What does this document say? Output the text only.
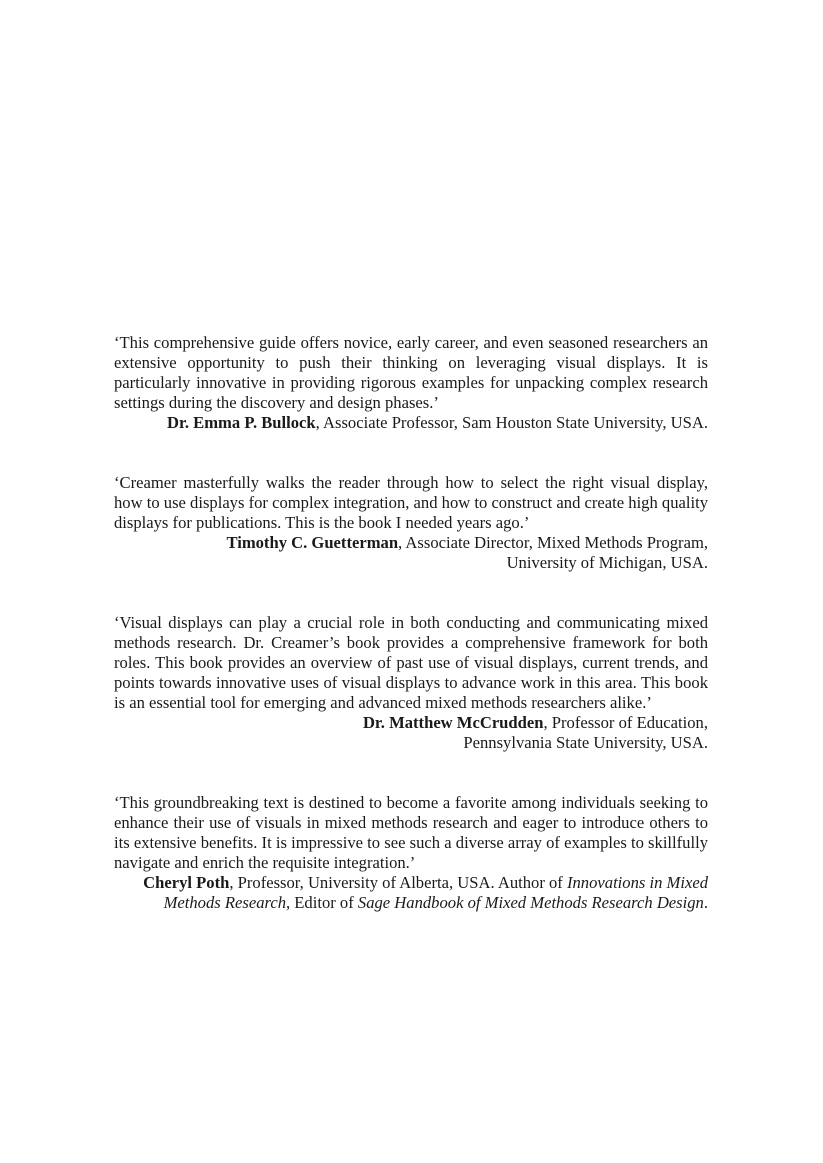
‘This comprehensive guide offers novice, early career, and even seasoned researchers an extensive opportunity to push their thinking on leveraging visual displays. It is particularly innovative in providing rigorous examples for unpacking complex research settings during the discovery and design phases.’

Dr. Emma P. Bullock, Associate Professor, Sam Houston State University, USA.

‘Creamer masterfully walks the reader through how to select the right visual display, how to use displays for complex integration, and how to construct and create high quality displays for publications. This is the book I needed years ago.’

Timothy C. Guetterman, Associate Director, Mixed Methods Program,
University of Michigan, USA.

‘Visual displays can play a crucial role in both conducting and communicating mixed methods research. Dr. Creamer’s book provides a comprehensive framework for both roles. This book provides an overview of past use of visual displays, current trends, and points towards innovative uses of visual displays to advance work in this area. This book is an essential tool for emerging and advanced mixed methods researchers alike.’

Dr. Matthew McCrudden, Professor of Education,
Pennsylvania State University, USA.

‘This groundbreaking text is destined to become a favorite among individuals seeking to enhance their use of visuals in mixed methods research and eager to introduce others to its extensive benefits. It is impressive to see such a diverse array of examples to skillfully navigate and enrich the requisite integration.’

Cheryl Poth, Professor, University of Alberta, USA. Author of Innovations in Mixed Methods Research, Editor of Sage Handbook of Mixed Methods Research Design.
